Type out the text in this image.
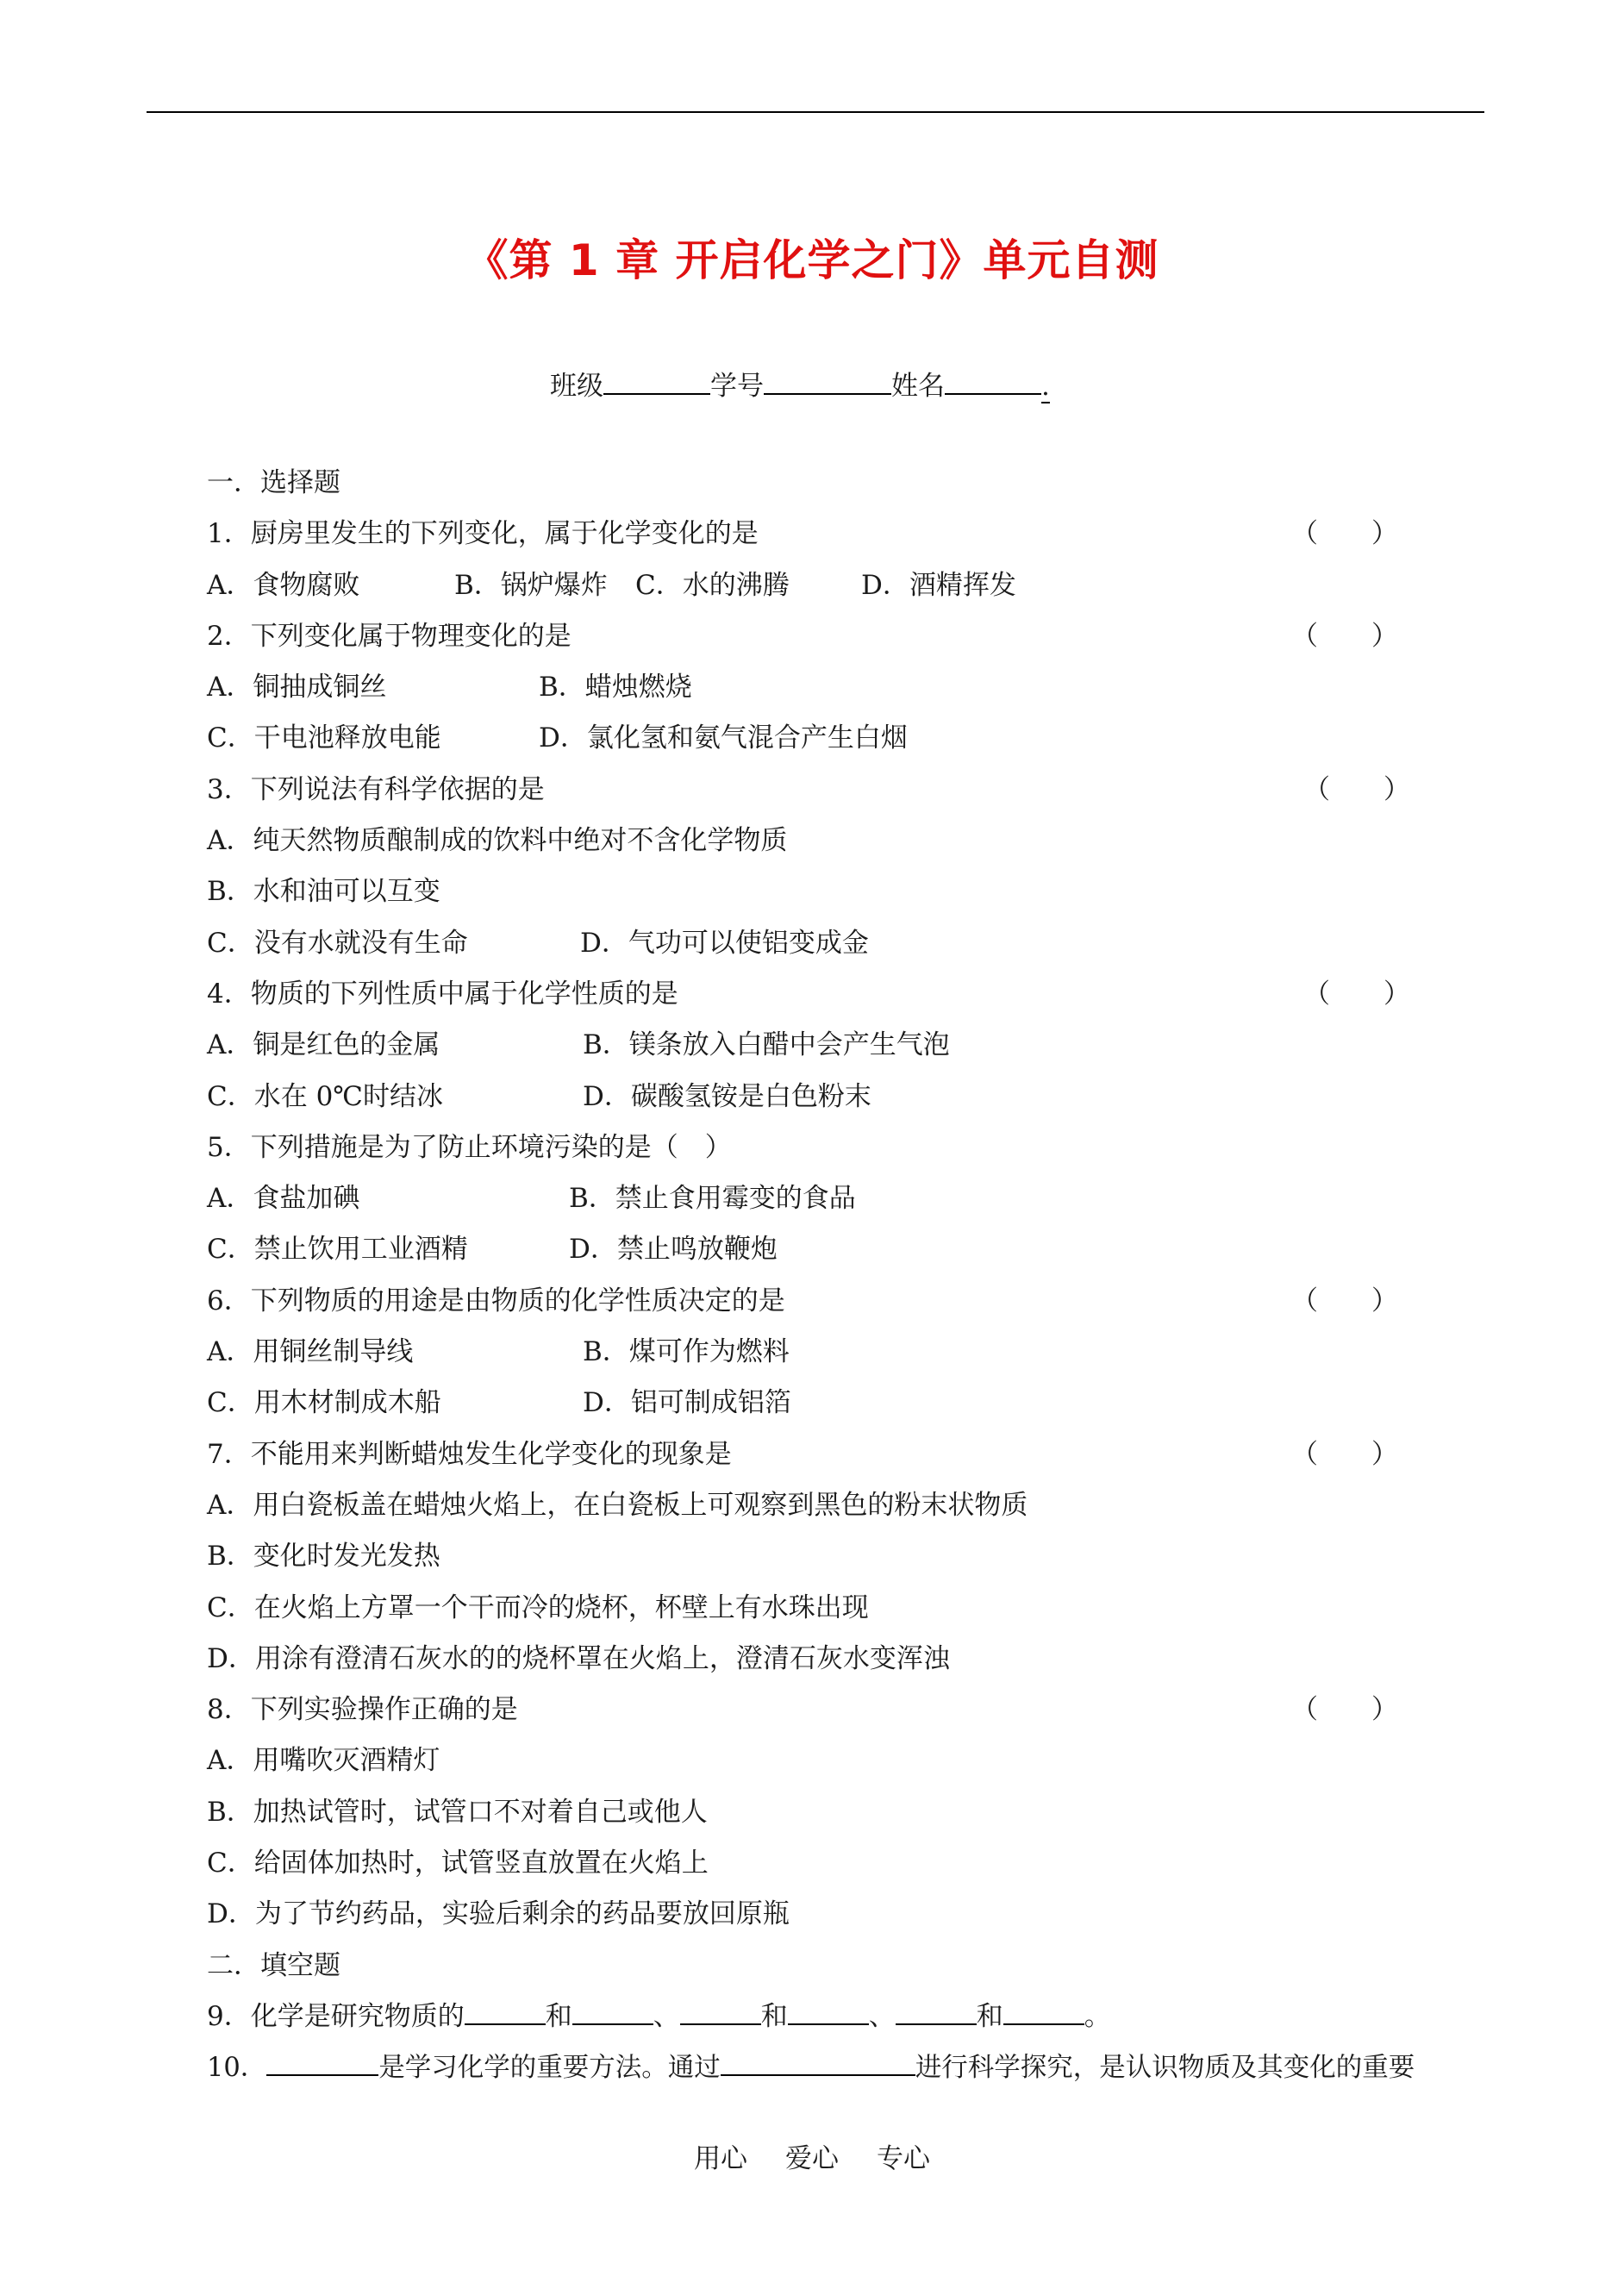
《第 1 章 开启化学之门》单元自测
班级	学号	姓名	.
一．选择题
1．厨房里发生的下列变化，属于化学变化的是	（　　）
A．食物腐败	B．锅炉爆炸 C．水的沸腾	D．酒精挥发
2．下列变化属于物理变化的是	（　　）
A．铜抽成铜丝	B．蜡烛燃烧
C．干电池释放电能	D．氯化氢和氨气混合产生白烟
3．下列说法有科学依据的是	（　　）
A．纯天然物质酿制成的饮料中绝对不含化学物质
B．水和油可以互变
C．没有水就没有生命	D．气功可以使铝变成金
4．物质的下列性质中属于化学性质的是	（　　）
A．铜是红色的金属	B．镁条放入白醋中会产生气泡
C．水在 0℃时结冰	D．碳酸氢铵是白色粉末
5．下列措施是为了防止环境污染的是（　）
A．食盐加碘	B．禁止食用霉变的食品
C．禁止饮用工业酒精	D．禁止鸣放鞭炮
6．下列物质的用途是由物质的化学性质决定的是	（　　）
A．用铜丝制导线	B．煤可作为燃料
C．用木材制成木船	D．铝可制成铝箔
7．不能用来判断蜡烛发生化学变化的现象是	（　　）
A．用白瓷板盖在蜡烛火焰上，在白瓷板上可观察到黑色的粉末状物质
B．变化时发光发热
C．在火焰上方罩一个干而冷的烧杯，杯壁上有水珠出现
D．用涂有澄清石灰水的的烧杯罩在火焰上，澄清石灰水变浑浊
8．下列实验操作正确的是	（　　）
A．用嘴吹灭酒精灯
B．加热试管时，试管口不对着自己或他人
C．给固体加热时，试管竖直放置在火焰上
D．为了节约药品，实验后剩余的药品要放回原瓶
二．填空题
9．化学是研究物质的	和	、	和	、	和	。
10．	是学习化学的重要方法。通过	进行科学探究，是认识物质及其变化的重要
用心 爱心 专心
